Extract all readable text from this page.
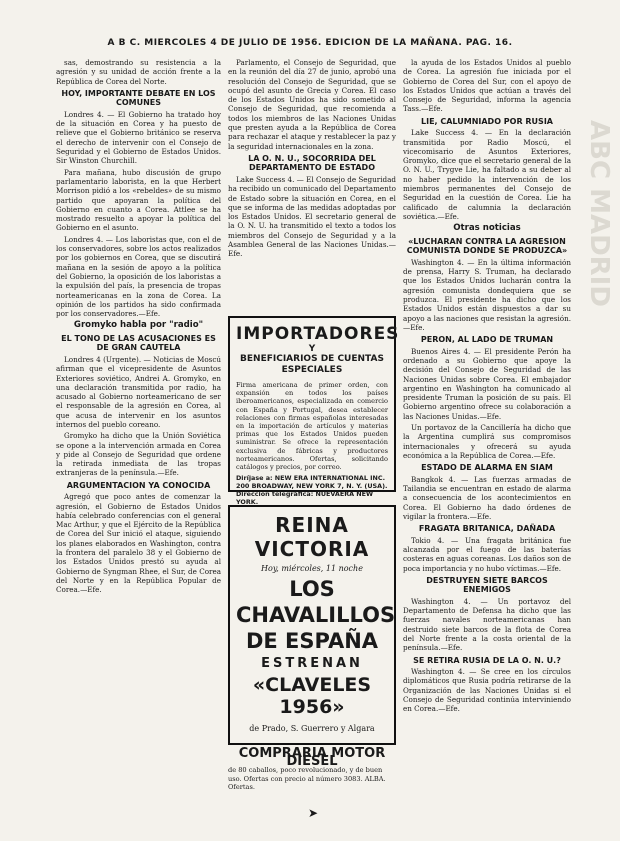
A B C. MIERCOLES 4 DE JULIO DE 1956. EDICION DE LA MAÑANA. PAG. 16.

sas, demostrando su resistencia a la agresión y su unidad de acción frente a la República de Corea del Norte.

HOY, IMPORTANTE DEBATE EN LOS COMUNES

Londres 4. — El Gobierno ha tratado hoy de la situación en Corea y ha puesto de relieve que el Gobierno británico se reserva el derecho de intervenir con el Consejo de Seguridad y el Gobierno de Estados Unidos. Sir Winston Churchill.

Para mañana, hubo discusión de grupo parlamentario laborista, en la que Herbert Morrison pidió a los «rebeldes» de su mismo partido que apoyaran la política del Gobierno en cuanto a Corea. Attlee se ha mostrado resuelto a apoyar la política del Gobierno en el asunto.

Londres 4. — Los laboristas que, con el de los conservadores, sobre los actos realizados por los gobiernos en Corea, que se discutirá mañana en la sesión de apoyo a la política del Gobierno, la oposición de los laboristas a la expulsión del país, la presencia de tropas norteamericanas en la zona de Corea. La opinión de los partidos ha sido confirmada por los conservadores.—Efe.

Gromyko habla por "radio"
EL TONO DE LAS ACUSACIONES ES DE GRAN CAUTELA

Londres 4 (Urgente). — Noticias de Moscú afirman que el vicepresidente de Asuntos Exteriores soviético, Andrei A. Gromyko, en una declaración transmitida por radio, ha acusado al Gobierno norteamericano de ser el responsable de la agresión en Corea, al que acusa de intervenir en los asuntos internos del pueblo coreano.

Gromyko ha dicho que la Unión Soviética se opone a la intervención armada en Corea y pide al Consejo de Seguridad que ordene la retirada inmediata de las tropas extranjeras de la península.—Efe.

ARGUMENTACION YA CONOCIDA

Agregó que poco antes de comenzar la agresión, el Gobierno de Estados Unidos había celebrado conferencias con el general Mac Arthur, y que el Ejército de la República de Corea del Sur inició el ataque, siguiendo los planes elaborados en Washington, contra la frontera del paralelo 38 y el Gobierno de los Estados Unidos prestó su ayuda al Gobierno de Syngman Rhee, el Sur, de Corea del Norte y en la República Popular de Corea.—Efe.

Parlamento, el Consejo de Seguridad, que en la reunión del día 27 de junio, aprobó una resolución del Consejo de Seguridad, que se ocupó del asunto de Grecia y Corea. El caso de los Estados Unidos ha sido sometido al Consejo de Seguridad, que recomienda a todos los miembros de las Naciones Unidas que presten ayuda a la República de Corea para rechazar el ataque y restablecer la paz y la seguridad internacionales en la zona.

LA O. N. U., SOCORRIDA DEL DEPARTAMENTO DE ESTADO

Lake Success 4. — El Consejo de Seguridad ha recibido un comunicado del Departamento de Estado sobre la situación en Corea, en el que se informa de las medidas adoptadas por los Estados Unidos. El secretario general de la O. N. U. ha transmitido el texto a todos los miembros del Consejo de Seguridad y a la Asamblea General de las Naciones Unidas.—Efe.

IMPORTADORES
Y
BENEFICIARIOS DE CUENTAS ESPECIALES
Firma americana de primer orden, con expansión en todos los países iberoamericanos, especializada en comercio con España y Portugal, desea establecer relaciones con firmas españolas interesadas en la importación de artículos y materias primas que los Estados Unidos pueden suministrar. Se ofrece la representación exclusiva de fábricas y productores norteamericanos. Ofertas, solicitando catálogos y precios, por correo.
Diríjase a: NEW ERA INTERNATIONAL INC. 200 BROADWAY, NEW YORK 7, N. Y. (USA). Dirección telegráfica: NUEVAERA NEW YORK.
REINA VICTORIA
Hoy, miércoles, 11 noche
LOS CHAVALILLOS DE ESPAÑA
ESTRENAN
«CLAVELES 1956»
de Prado, S. Guerrero y Algara
COMPRARIA MOTOR DIESEL
de 80 caballos, poco revolucionado, y de buen uso. Ofertas con precio al número 3083. ALBA. Ofertas.

la ayuda de los Estados Unidos al pueblo de Corea. La agresión fue iniciada por el Gobierno de Corea del Sur, con el apoyo de los Estados Unidos que actúan a través del Consejo de Seguridad, informa la agencia Tass.—Efe.

LIE, CALUMNIADO POR RUSIA

Lake Success 4. — En la declaración transmitida por Radio Moscú, el vicecomisario de Asuntos Exteriores, Gromyko, dice que el secretario general de la O. N. U., Trygve Lie, ha faltado a su deber al no haber pedido la intervención de los miembros permanentes del Consejo de Seguridad en la cuestión de Corea. Lie ha calificado de calumnia la declaración soviética.—Efe.

Otras noticias
«LUCHARAN CONTRA LA AGRESION COMUNISTA DONDE SE PRODUZCA»

Washington 4. — En la última información de prensa, Harry S. Truman, ha declarado que los Estados Unidos lucharán contra la agresión comunista dondequiera que se produzca. El presidente ha dicho que los Estados Unidos están dispuestos a dar su apoyo a las naciones que resistan la agresión.—Efe.

PERON, AL LADO DE TRUMAN

Buenos Aires 4. — El presidente Perón ha ordenado a su Gobierno que apoye la decisión del Consejo de Seguridad de las Naciones Unidas sobre Corea. El embajador argentino en Washington ha comunicado al presidente Truman la posición de su país. El Gobierno argentino ofrece su colaboración a las Naciones Unidas.—Efe.

Un portavoz de la Cancillería ha dicho que la Argentina cumplirá sus compromisos internacionales y ofrecerá su ayuda económica a la República de Corea.—Efe.

ESTADO DE ALARMA EN SIAM

Bangkok 4. — Las fuerzas armadas de Tailandia se encuentran en estado de alarma a consecuencia de los acontecimientos en Corea. El Gobierno ha dado órdenes de vigilar la frontera.—Efe.

FRAGATA BRITANICA, DAÑADA

Tokio 4. — Una fragata británica fue alcanzada por el fuego de las baterías costeras en aguas coreanas. Los daños son de poca importancia y no hubo víctimas.—Efe.

DESTRUYEN SIETE BARCOS ENEMIGOS

Washington 4. — Un portavoz del Departamento de Defensa ha dicho que las fuerzas navales norteamericanas han destruido siete barcos de la flota de Corea del Norte frente a la costa oriental de la península.—Efe.

SE RETIRA RUSIA DE LA O. N. U.?

Washington 4. — Se cree en los círculos diplomáticos que Rusia podría retirarse de la Organización de las Naciones Unidas si el Consejo de Seguridad continúa interviniendo en Corea.—Efe.

ABC MADRID
➤
